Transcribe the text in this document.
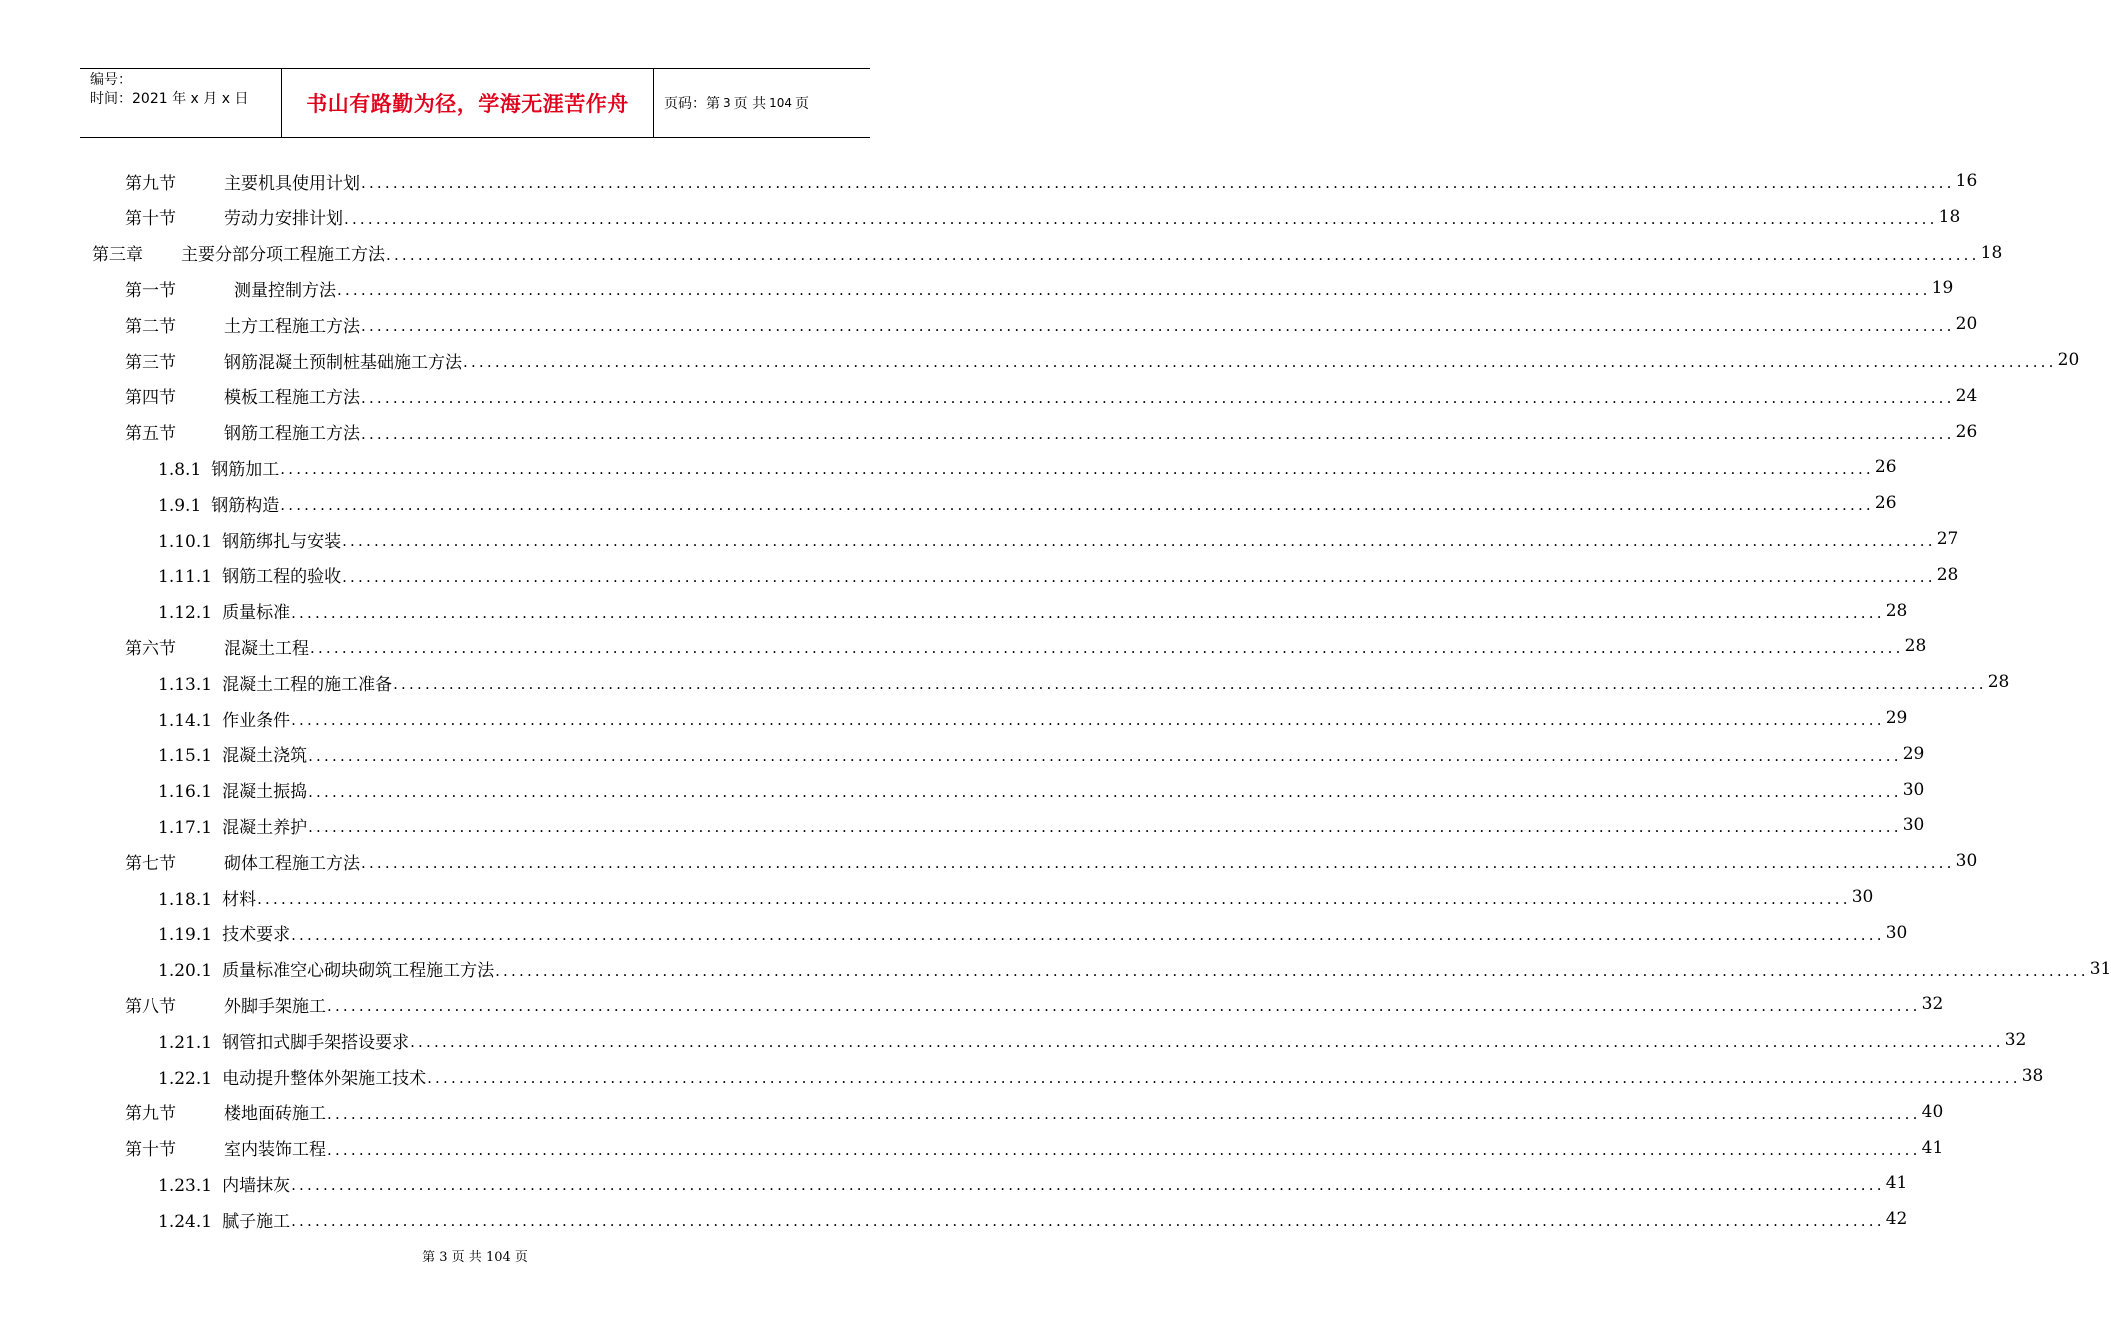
编号：
时间：2021 年 x 月 x 日	书山有路勤为径，学海无涯苦作舟	页码：第 3 页 共 104 页
第九节	主要机具使用计划 ........................................................................................................................................................................................................ 16
第十节	劳动力安排计划 ........................................................................................................................................................................................................ 18
第三章 主要分部分项工程施工方法 ........................................................................................................................................................................................................ 18
第一节	测量控制方法 ........................................................................................................................................................................................................ 19
第二节	土方工程施工方法 ........................................................................................................................................................................................................ 20
第三节	钢筋混凝土预制桩基础施工方法 ........................................................................................................................................................................................................ 20
第四节	模板工程施工方法 ........................................................................................................................................................................................................ 24
第五节	钢筋工程施工方法 ........................................................................................................................................................................................................ 26
1.8.1 钢筋加工 ........................................................................................................................................................................................................ 26
1.9.1 钢筋构造 ........................................................................................................................................................................................................ 26
1.10.1 钢筋绑扎与安装 ........................................................................................................................................................................................................ 27
1.11.1 钢筋工程的验收 ........................................................................................................................................................................................................ 28
1.12.1 质量标准 ........................................................................................................................................................................................................ 28
第六节	混凝土工程 ........................................................................................................................................................................................................ 28
1.13.1 混凝土工程的施工准备 ........................................................................................................................................................................................................ 28
1.14.1 作业条件 ........................................................................................................................................................................................................ 29
1.15.1 混凝土浇筑 ........................................................................................................................................................................................................ 29
1.16.1 混凝土振捣 ........................................................................................................................................................................................................ 30
1.17.1 混凝土养护 ........................................................................................................................................................................................................ 30
第七节	砌体工程施工方法 ........................................................................................................................................................................................................ 30
1.18.1 材料 ........................................................................................................................................................................................................ 30
1.19.1 技术要求 ........................................................................................................................................................................................................ 30
1.20.1 质量标准空心砌块砌筑工程施工方法 ........................................................................................................................................................................................................ 31
第八节	外脚手架施工 ........................................................................................................................................................................................................ 32
1.21.1 钢管扣式脚手架搭设要求 ........................................................................................................................................................................................................ 32
1.22.1 电动提升整体外架施工技术 ........................................................................................................................................................................................................ 38
第九节	楼地面砖施工 ........................................................................................................................................................................................................ 40
第十节	室内装饰工程 ........................................................................................................................................................................................................ 41
1.23.1 内墙抹灰 ........................................................................................................................................................................................................ 41
1.24.1 腻子施工 ........................................................................................................................................................................................................ 42
第 3 页 共 104 页
